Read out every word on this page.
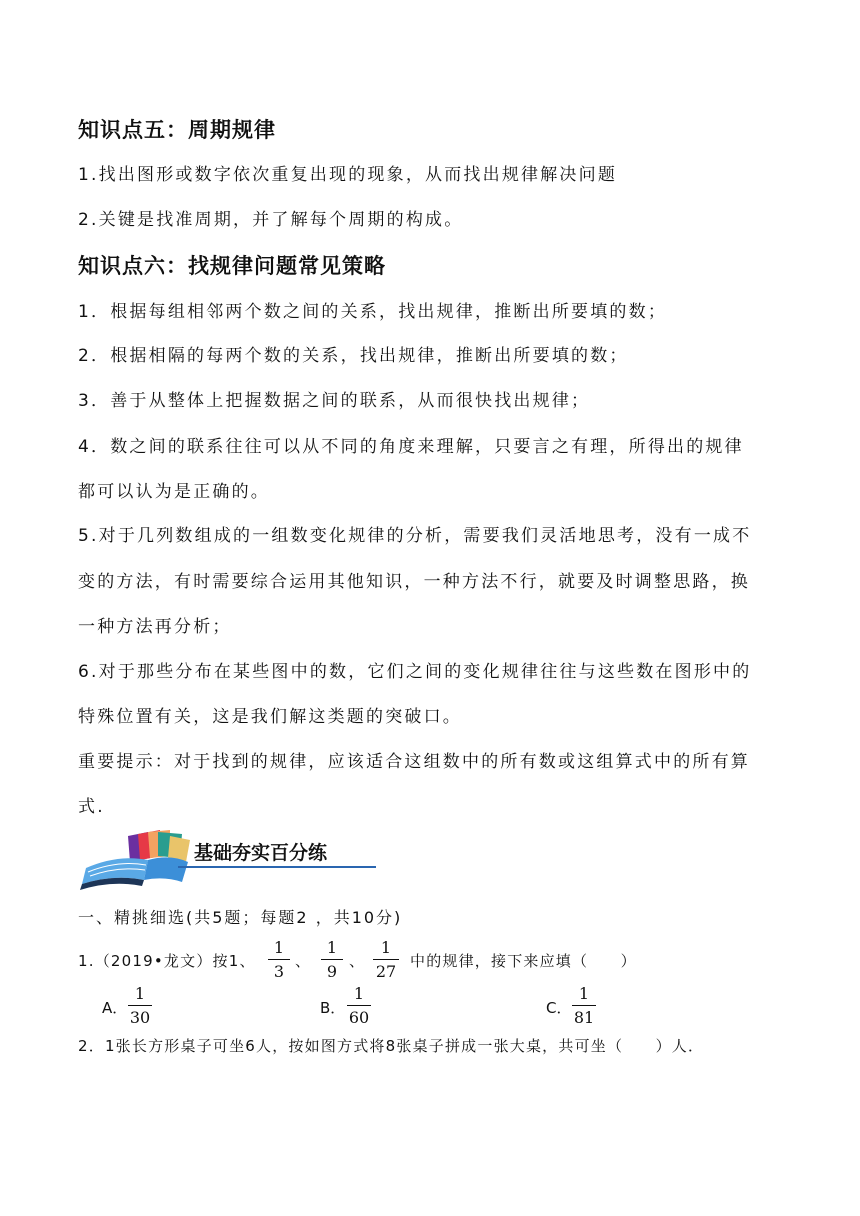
知识点五：周期规律
1.找出图形或数字依次重复出现的现象，从而找出规律解决问题
2.关键是找准周期，并了解每个周期的构成。
知识点六：找规律问题常见策略
1．根据每组相邻两个数之间的关系，找出规律，推断出所要填的数；
2．根据相隔的每两个数的关系，找出规律，推断出所要填的数；
3．善于从整体上把握数据之间的联系，从而很快找出规律；
4．数之间的联系往往可以从不同的角度来理解，只要言之有理，所得出的规律
都可以认为是正确的。
5.对于几列数组成的一组数变化规律的分析，需要我们灵活地思考，没有一成不
变的方法，有时需要综合运用其他知识，一种方法不行，就要及时调整思路，换
一种方法再分析；
6.对于那些分布在某些图中的数，它们之间的变化规律往往与这些数在图形中的
特殊位置有关，这是我们解这类题的突破口。
重要提示：对于找到的规律，应该适合这组数中的所有数或这组算式中的所有算
式.
基础夯实百分练
一、精挑细选(共5题；每题2 ，共10分)
1.（2019•龙文）按1、
1
3
、
1
9
、
1
27
中的规律，接下来应填（　　）
A．
1
30	B．
1
60	C．
1
81
2．1张长方形桌子可坐6人，按如图方式将8张桌子拼成一张大桌，共可坐（　　）人．
